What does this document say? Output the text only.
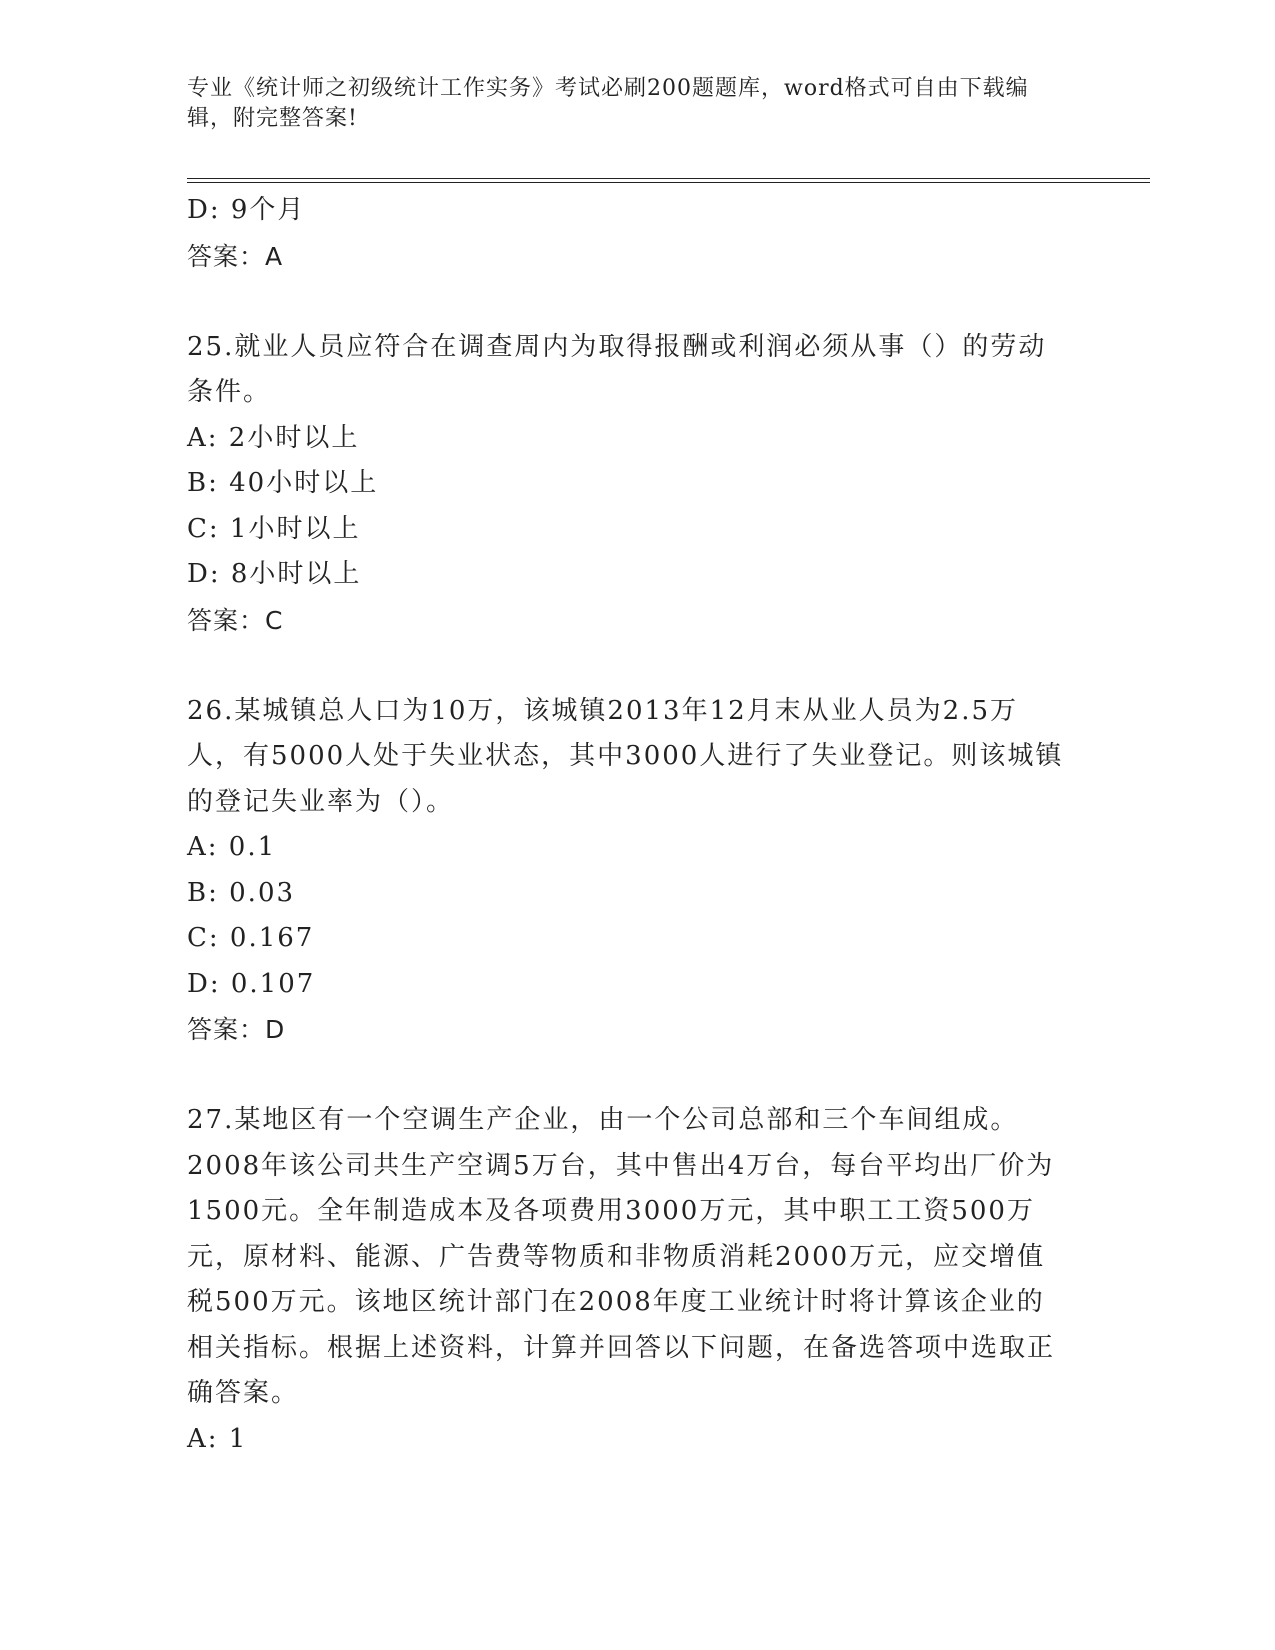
专业《统计师之初级统计工作实务》考试必刷200题题库，word格式可自由下载编辑，附完整答案!
D: 9个月
答案：A
25.就业人员应符合在调查周内为取得报酬或利润必须从事（）的劳动条件。
A: 2小时以上
B: 40小时以上
C: 1小时以上
D: 8小时以上
答案：C
26.某城镇总人口为10万，该城镇2013年12月末从业人员为2.5万人，有5000人处于失业状态，其中3000人进行了失业登记。则该城镇的登记失业率为（）。
A: 0.1
B: 0.03
C: 0.167
D: 0.107
答案：D
27.某地区有一个空调生产企业，由一个公司总部和三个车间组成。2008年该公司共生产空调5万台，其中售出4万台，每台平均出厂价为1500元。全年制造成本及各项费用3000万元，其中职工工资500万元，原材料、能源、广告费等物质和非物质消耗2000万元，应交增值税500万元。该地区统计部门在2008年度工业统计时将计算该企业的相关指标。根据上述资料，计算并回答以下问题，在备选答项中选取正确答案。
A: 1
